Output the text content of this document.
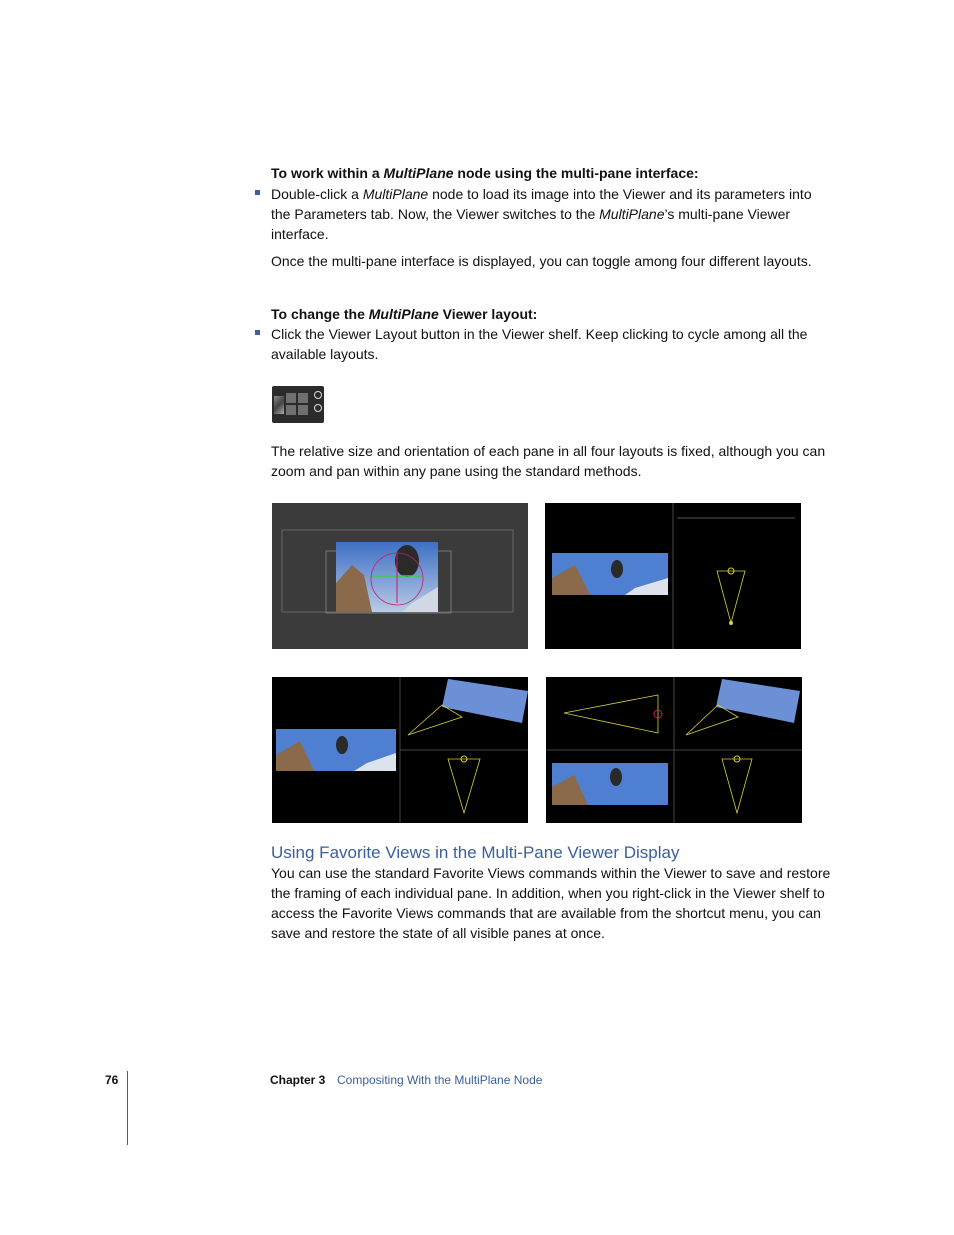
To work within a MultiPlane node using the multi-pane interface:
Double-click a MultiPlane node to load its image into the Viewer and its parameters into the Parameters tab. Now, the Viewer switches to the MultiPlane’s multi-pane Viewer interface.
Once the multi-pane interface is displayed, you can toggle among four different layouts.
To change the MultiPlane Viewer layout:
Click the Viewer Layout button in the Viewer shelf. Keep clicking to cycle among all the available layouts.
The relative size and orientation of each pane in all four layouts is fixed, although you can zoom and pan within any pane using the standard methods.
Using Favorite Views in the Multi-Pane Viewer Display
You can use the standard Favorite Views commands within the Viewer to save and restore the framing of each individual pane. In addition, when you right-click in the Viewer shelf to access the Favorite Views commands that are available from the shortcut menu, you can save and restore the state of all visible panes at once.
76	Chapter 3 Compositing With the MultiPlane Node
